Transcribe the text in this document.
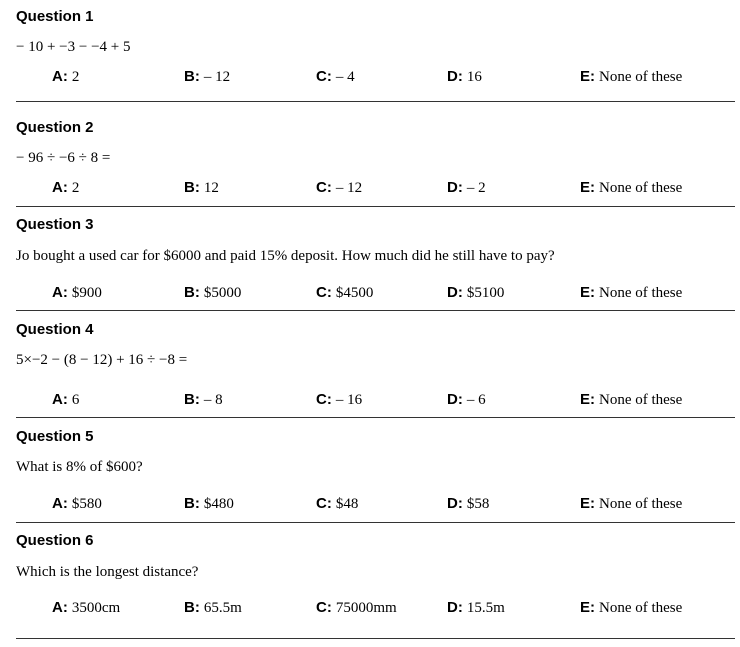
Question 1
− 10 + −3 − −4 + 5
A: 2	B: – 12	C: – 4	D: 16	E: None of these
Question 2
− 96 ÷ −6 ÷ 8 =
A: 2	B: 12	C: – 12	D: – 2	E: None of these
Question 3
Jo bought a used car for $6000 and paid 15% deposit. How much did he still have to pay?
A: $900	B: $5000	C: $4500	D: $5100	E: None of these
Question 4
5×−2 − (8 − 12) + 16 ÷ −8 =
A: 6	B: – 8	C: – 16	D: – 6	E: None of these
Question 5
What is 8% of $600?
A: $580	B: $480	C: $48	D: $58	E: None of these
Question 6
Which is the longest distance?
A: 3500cm	B: 65.5m	C: 75000mm	D: 15.5m	E: None of these
